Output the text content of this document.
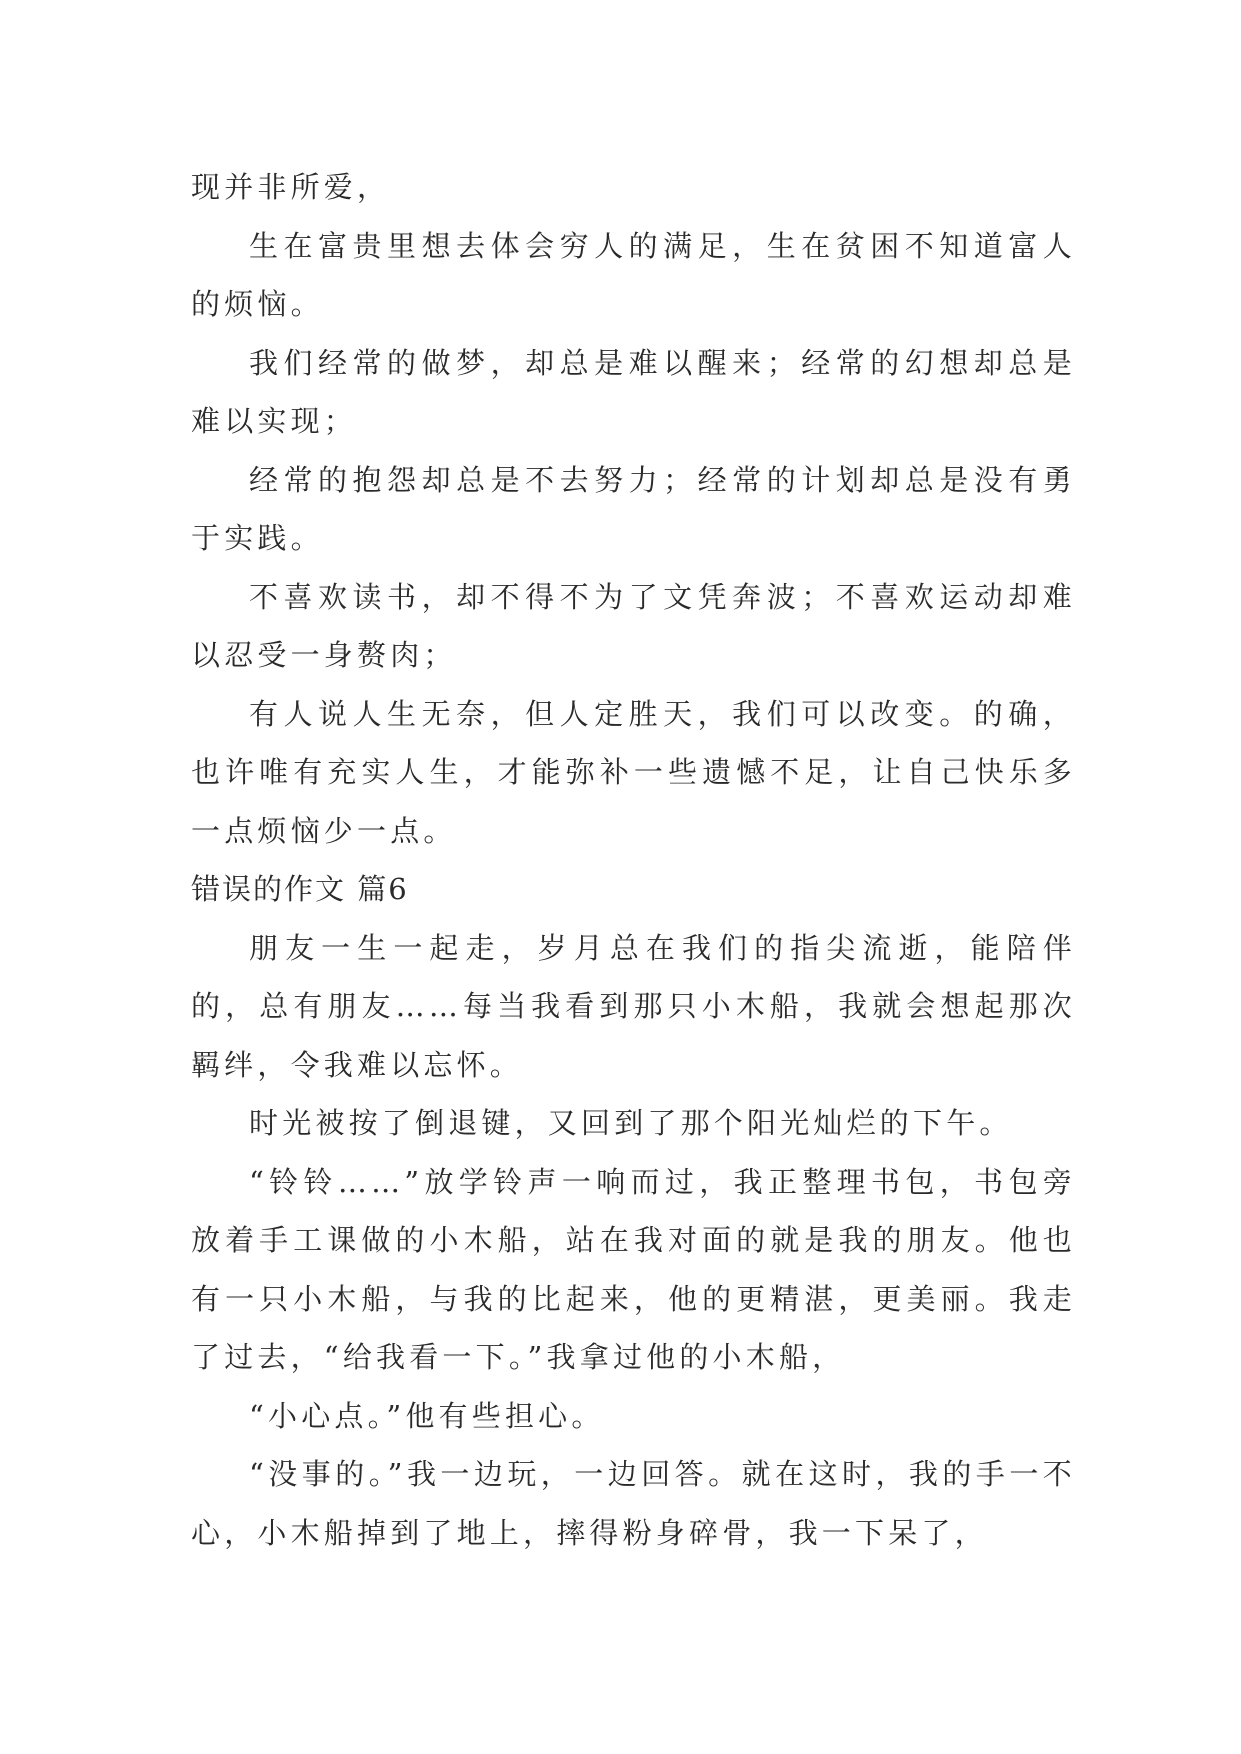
现并非所爱，

生在富贵里想去体会穷人的满足，生在贫困不知道富人的烦恼。

我们经常的做梦，却总是难以醒来；经常的幻想却总是难以实现；

经常的抱怨却总是不去努力；经常的计划却总是没有勇于实践。

不喜欢读书，却不得不为了文凭奔波；不喜欢运动却难以忍受一身赘肉；

有人说人生无奈，但人定胜天，我们可以改变。的确，也许唯有充实人生，才能弥补一些遗憾不足，让自己快乐多一点烦恼少一点。

错误的作文 篇6

朋友一生一起走，岁月总在我们的指尖流逝，能陪伴的，总有朋友……每当我看到那只小木船，我就会想起那次羁绊，令我难以忘怀。

时光被按了倒退键，又回到了那个阳光灿烂的下午。

“铃铃……”放学铃声一响而过，我正整理书包，书包旁放着手工课做的小木船，站在我对面的就是我的朋友。他也有一只小木船，与我的比起来，他的更精湛，更美丽。我走了过去，“给我看一下。”我拿过他的小木船，

“小心点。”他有些担心。

“没事的。”我一边玩，一边回答。就在这时，我的手一不心，小木船掉到了地上，摔得粉身碎骨，我一下呆了，
